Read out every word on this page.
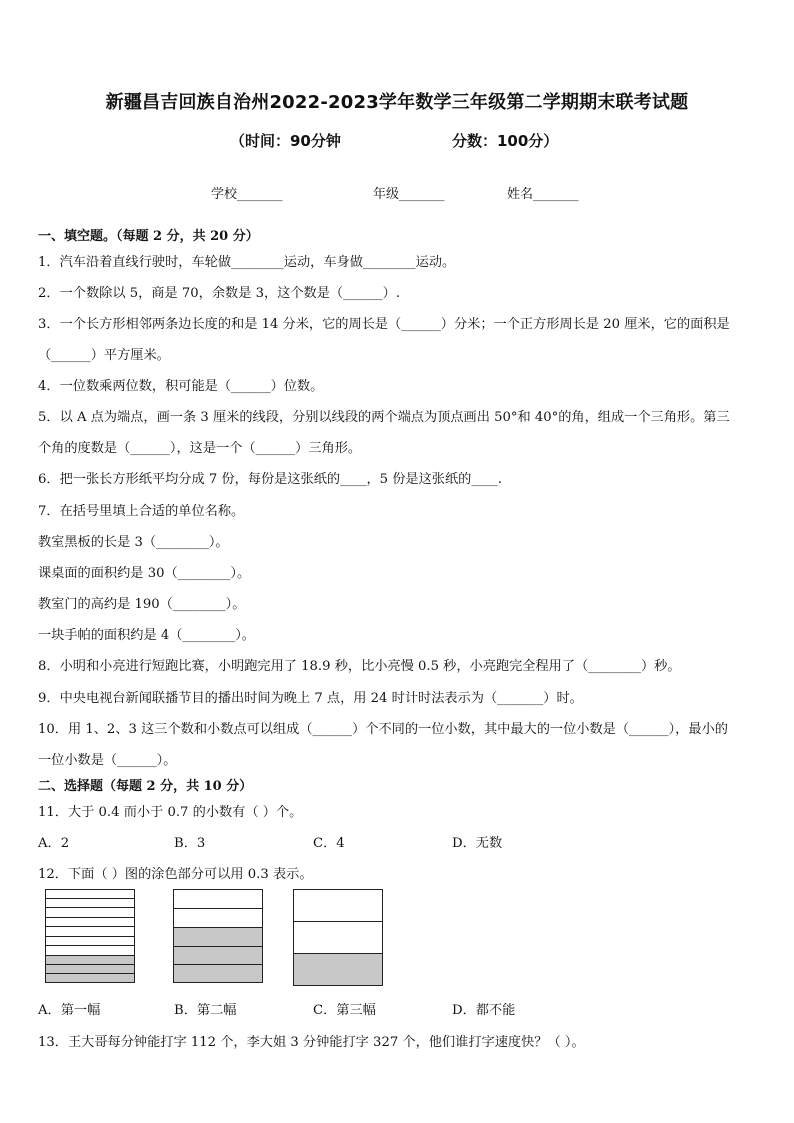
新疆昌吉回族自治州2022-2023学年数学三年级第二学期期末联考试题
（时间：90分钟	分数：100分）
学校_______	年级_______	姓名_______
一、填空题。（每题 2 分，共 20 分）
1．汽车沿着直线行驶时，车轮做________运动，车身做________运动。
2．一个数除以 5，商是 70，余数是 3，这个数是（______）.
3．一个长方形相邻两条边长度的和是 14 分米，它的周长是（______）分米；一个正方形周长是 20 厘米，它的面积是
（______）平方厘米。
4．一位数乘两位数，积可能是（______）位数。
5．以 A 点为端点，画一条 3 厘米的线段，分别以线段的两个端点为顶点画出 50°和 40°的角，组成一个三角形。第三
个角的度数是（______），这是一个（______）三角形。
6．把一张长方形纸平均分成 7 份，每份是这张纸的____，5 份是这张纸的____.
7．在括号里填上合适的单位名称。
教室黑板的长是 3（________）。
课桌面的面积约是 30（________）。
教室门的高约是 190（________）。
一块手帕的面积约是 4（________）。
8．小明和小亮进行短跑比赛，小明跑完用了 18.9 秒，比小亮慢 0.5 秒，小亮跑完全程用了（________）秒。
9．中央电视台新闻联播节目的播出时间为晚上 7 点，用 24 时计时法表示为（_______）时。
10．用 1、2、3 这三个数和小数点可以组成（______）个不同的一位小数，其中最大的一位小数是（______），最小的
一位小数是（______）。
二、选择题（每题 2 分，共 10 分）
11．大于 0.4 而小于 0.7 的小数有（ ）个。
A．2	B．3	C．4	D．无数
12．下面（ ）图的涂色部分可以用 0.3 表示。
A．第一幅	B．第二幅	C．第三幅	D．都不能
13．王大哥每分钟能打字 112 个，李大姐 3 分钟能打字 327 个，他们谁打字速度快？（ ）。
